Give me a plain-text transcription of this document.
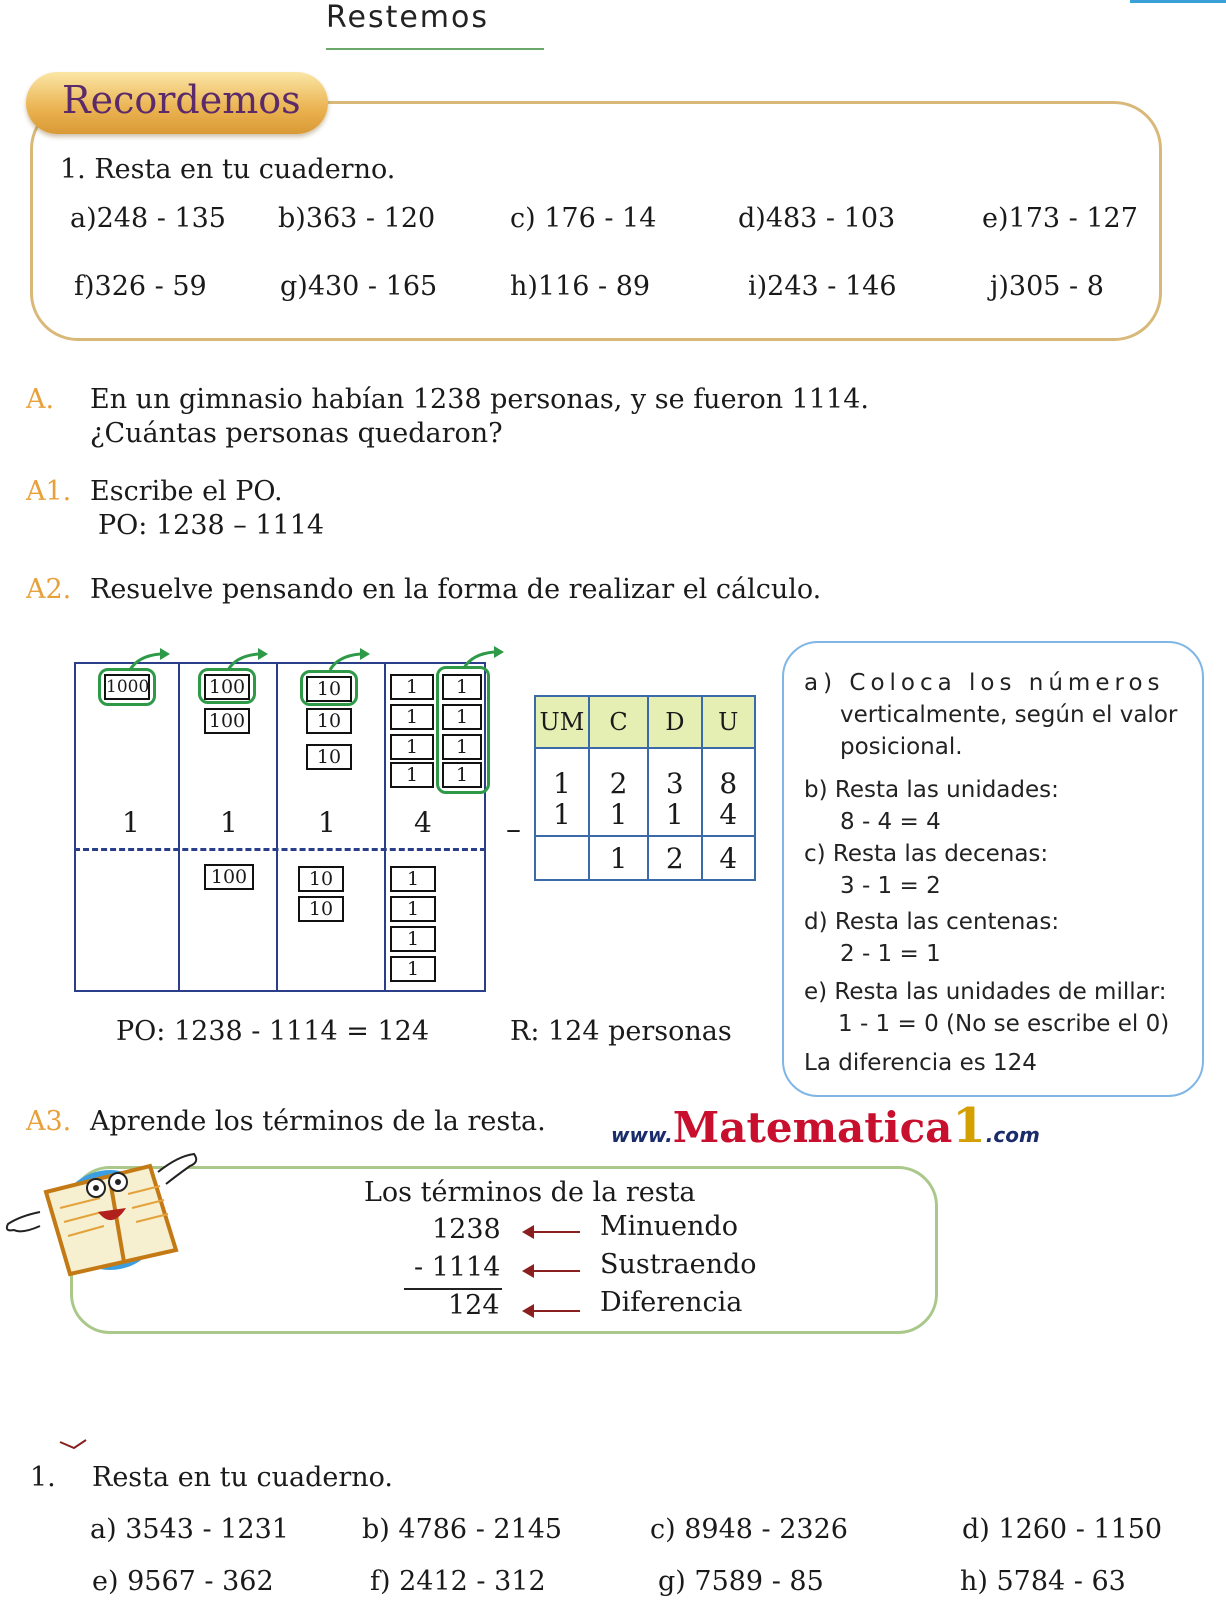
Restemos
Recordemos
1. Resta en tu cuaderno.
a)248 - 135 b)363 - 120	c) 176 - 14	d)483 - 103	e)173 - 127
f)326 - 59	g)430 - 165	h)116 - 89	i)243 - 146	j)305 - 8
A. En un gimnasio habían 1238 personas, y se fueron 1114.
¿Cuántas personas quedaron?
A1. Escribe el PO.
PO: 1238 – 1114
A2. Resuelve pensando en la forma de realizar el cálculo.
1000	100
100
10
10
10
1
1
1
1
1
1
1
1
1	1	1	4
100	10
10
1
1
1
1
–
UM	C	D	U
1	2	3	8
1	1	1	4
	1	2	4
PO: 1238 - 1114 = 124	R: 124 personas
a) Coloca los números
verticalmente, según el valor
posicional.
b) Resta las unidades:
8 - 4 = 4
c) Resta las decenas:
3 - 1 = 2
d) Resta las centenas:
2 - 1 = 1
e) Resta las unidades de millar:
1 - 1 = 0 (No se escribe el 0)
La diferencia es 124
A3. Aprende los términos de la resta.	www.Matematica1.com
Los términos de la resta
1238
- 1114
124
Minuendo
Sustraendo
Diferencia
1. Resta en tu cuaderno.
a) 3543 - 1231	b) 4786 - 2145	c) 8948 - 2326	d) 1260 - 1150
e) 9567 - 362	f) 2412 - 312	g) 7589 - 85	h) 5784 - 63
